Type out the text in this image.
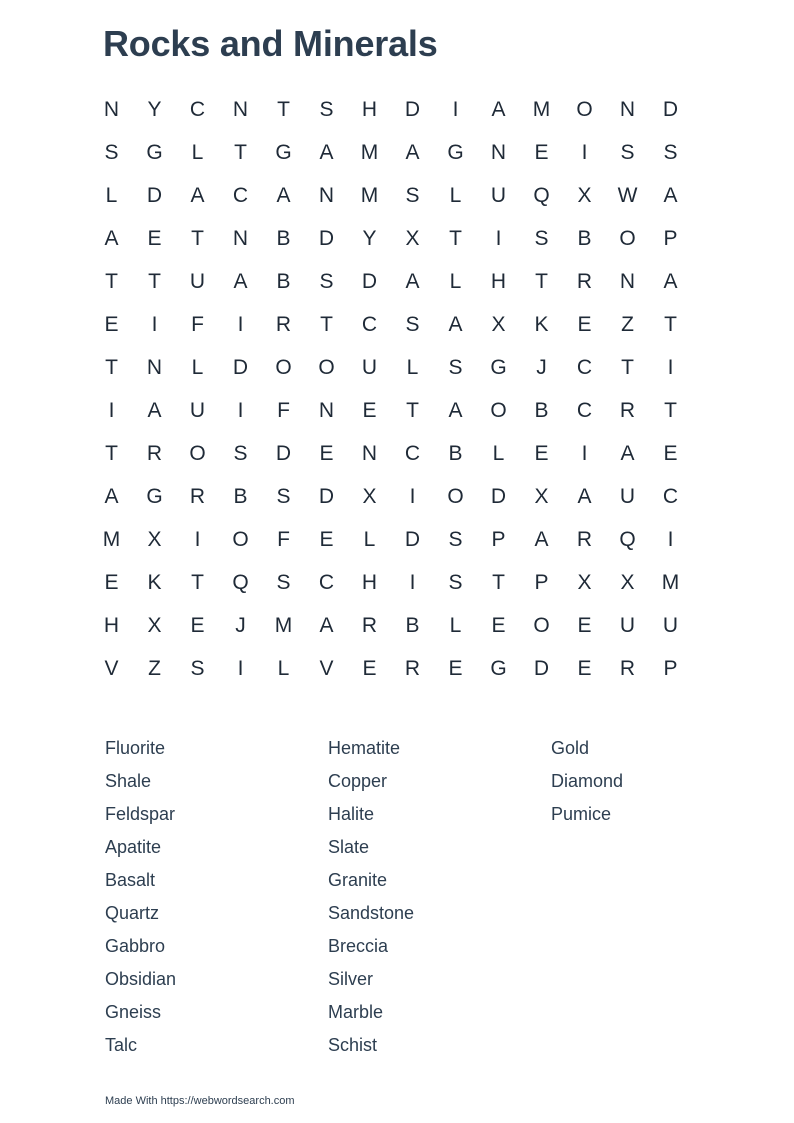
Rocks and Minerals
N	Y	C	N	T	S	H	D	I	A	M	O	N	D
S	G	L	T	G	A	M	A	G	N	E	I	S	S
L	D	A	C	A	N	M	S	L	U	Q	X	W	A
A	E	T	N	B	D	Y	X	T	I	S	B	O	P
T	T	U	A	B	S	D	A	L	H	T	R	N	A
E	I	F	I	R	T	C	S	A	X	K	E	Z	T
T	N	L	D	O	O	U	L	S	G	J	C	T	I
I	A	U	I	F	N	E	T	A	O	B	C	R	T
T	R	O	S	D	E	N	C	B	L	E	I	A	E
A	G	R	B	S	D	X	I	O	D	X	A	U	C
M	X	I	O	F	E	L	D	S	P	A	R	Q	I
E	K	T	Q	S	C	H	I	S	T	P	X	X	M
H	X	E	J	M	A	R	B	L	E	O	E	U	U
V	Z	S	I	L	V	E	R	E	G	D	E	R	P
Fluorite
Shale
Feldspar
Apatite
Basalt
Quartz
Gabbro
Obsidian
Gneiss
Talc
Hematite
Copper
Halite
Slate
Granite
Sandstone
Breccia
Silver
Marble
Schist
Gold
Diamond
Pumice
Made With https://webwordsearch.com
